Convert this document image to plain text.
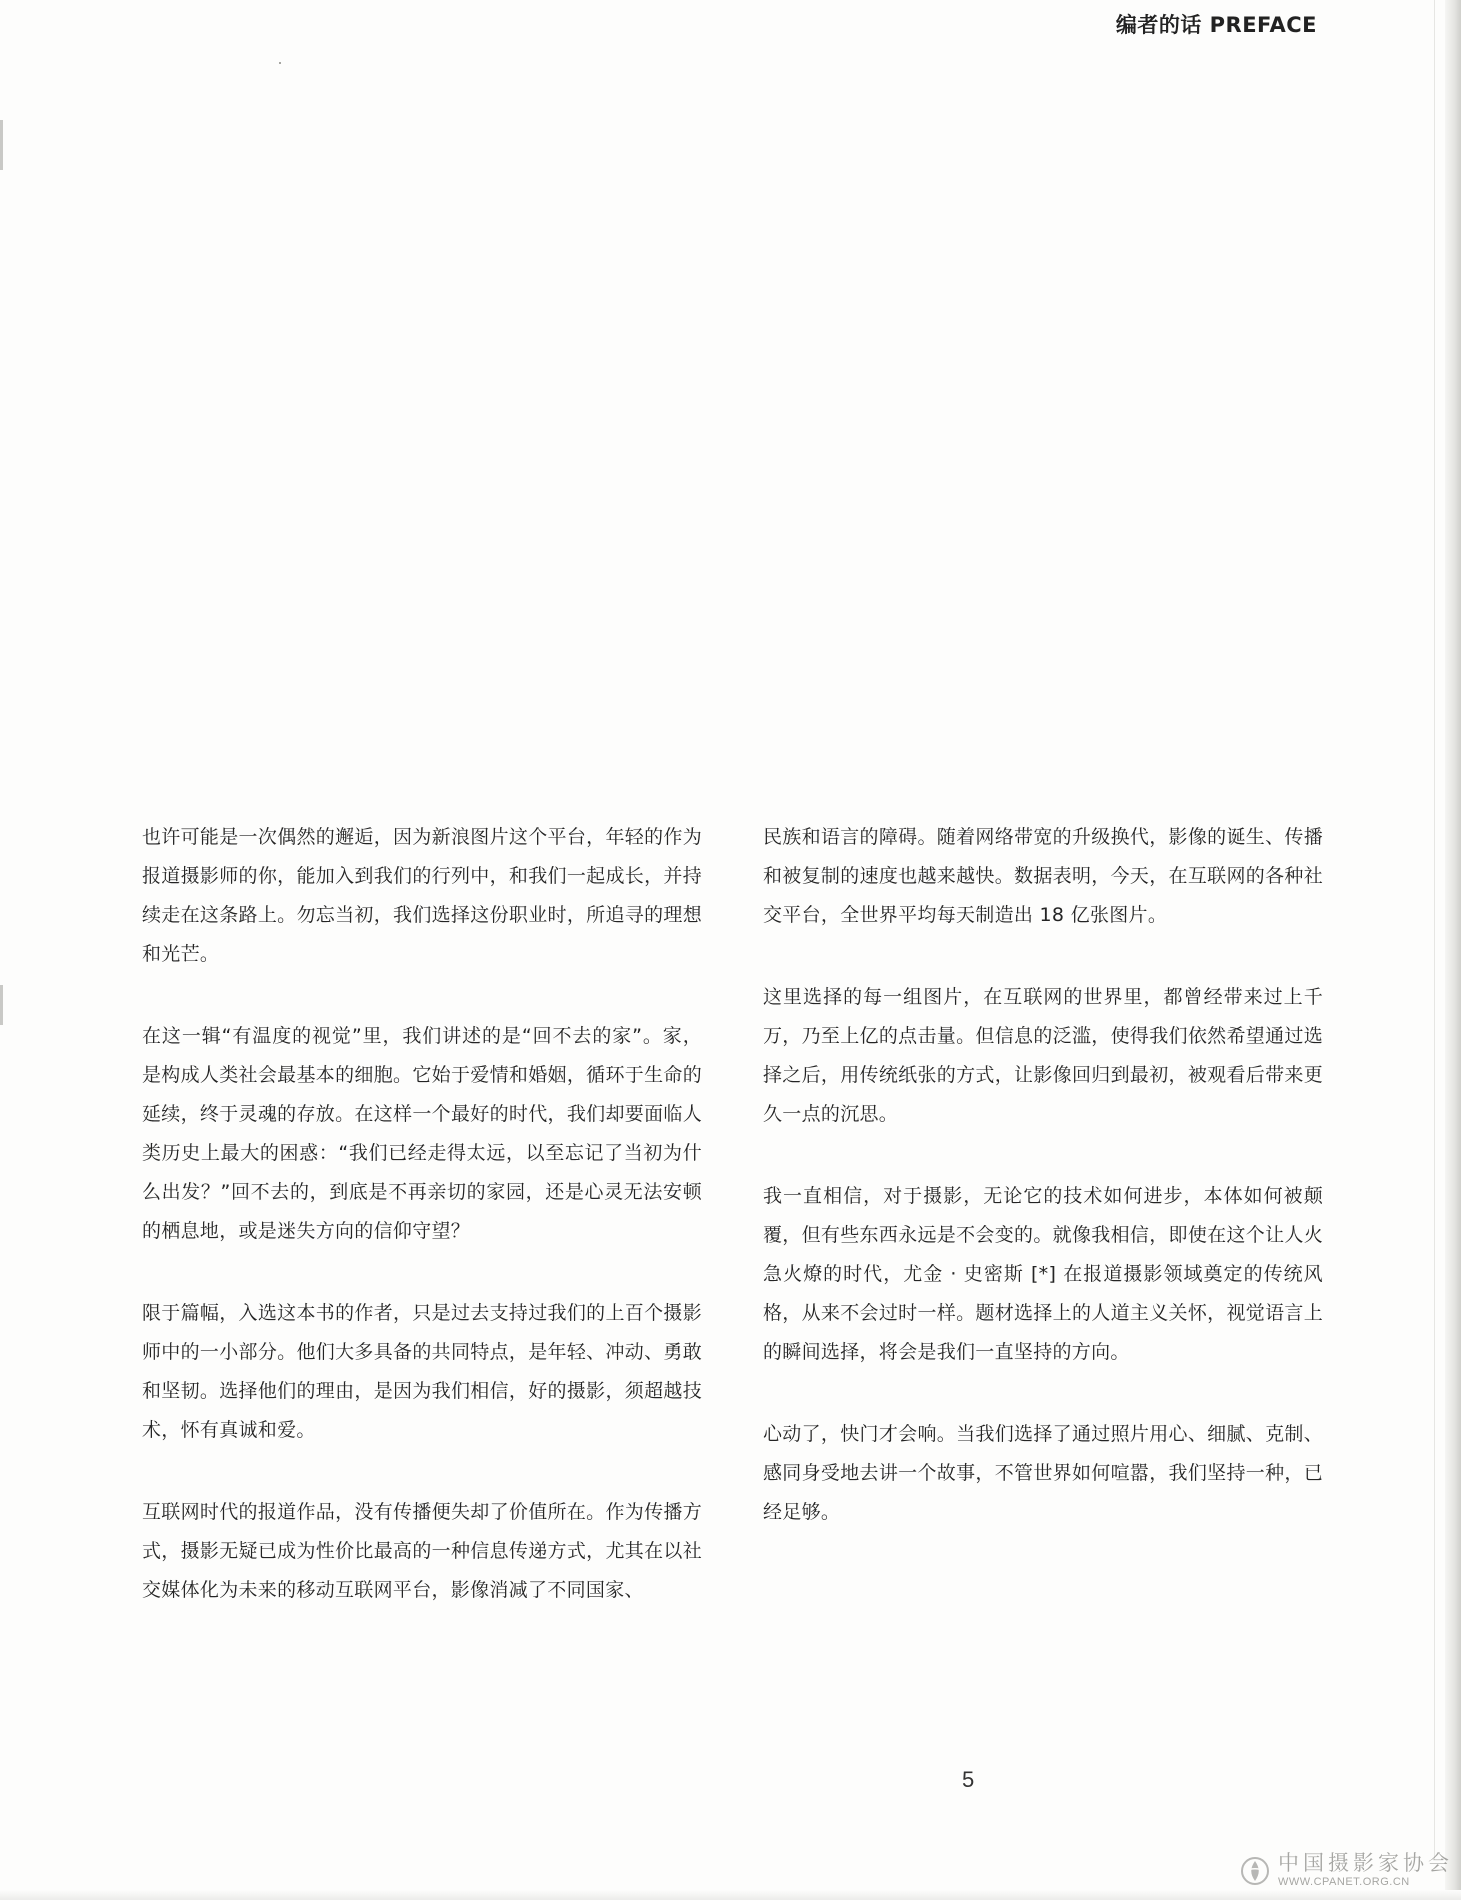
编者的话 PREFACE

也许可能是一次偶然的邂逅，因为新浪图片这个平台，年轻的作为报道摄影师的你，能加入到我们的行列中，和我们一起成长，并持续走在这条路上。勿忘当初，我们选择这份职业时，所追寻的理想和光芒。

在这一辑“有温度的视觉”里，我们讲述的是“回不去的家”。家，是构成人类社会最基本的细胞。它始于爱情和婚姻，循环于生命的延续，终于灵魂的存放。在这样一个最好的时代，我们却要面临人类历史上最大的困惑：“我们已经走得太远，以至忘记了当初为什么出发？”回不去的，到底是不再亲切的家园，还是心灵无法安顿的栖息地，或是迷失方向的信仰守望？

限于篇幅，入选这本书的作者，只是过去支持过我们的上百个摄影师中的一小部分。他们大多具备的共同特点，是年轻、冲动、勇敢和坚韧。选择他们的理由，是因为我们相信，好的摄影，须超越技术，怀有真诚和爱。

互联网时代的报道作品，没有传播便失却了价值所在。作为传播方式，摄影无疑已成为性价比最高的一种信息传递方式，尤其在以社交媒体化为未来的移动互联网平台，影像消减了不同国家、

民族和语言的障碍。随着网络带宽的升级换代，影像的诞生、传播和被复制的速度也越来越快。数据表明，今天，在互联网的各种社交平台，全世界平均每天制造出 18 亿张图片。

这里选择的每一组图片，在互联网的世界里，都曾经带来过上千万，乃至上亿的点击量。但信息的泛滥，使得我们依然希望通过选择之后，用传统纸张的方式，让影像回归到最初，被观看后带来更久一点的沉思。

我一直相信，对于摄影，无论它的技术如何进步，本体如何被颠覆，但有些东西永远是不会变的。就像我相信，即使在这个让人火急火燎的时代，尤金 · 史密斯 [*] 在报道摄影领域奠定的传统风格，从来不会过时一样。题材选择上的人道主义关怀，视觉语言上的瞬间选择，将会是我们一直坚持的方向。

心动了，快门才会响。当我们选择了通过照片用心、细腻、克制、感同身受地去讲一个故事，不管世界如何喧嚣，我们坚持一种，已经足够。

5
中国摄影家协会
WWW.CPANET.ORG.CN
